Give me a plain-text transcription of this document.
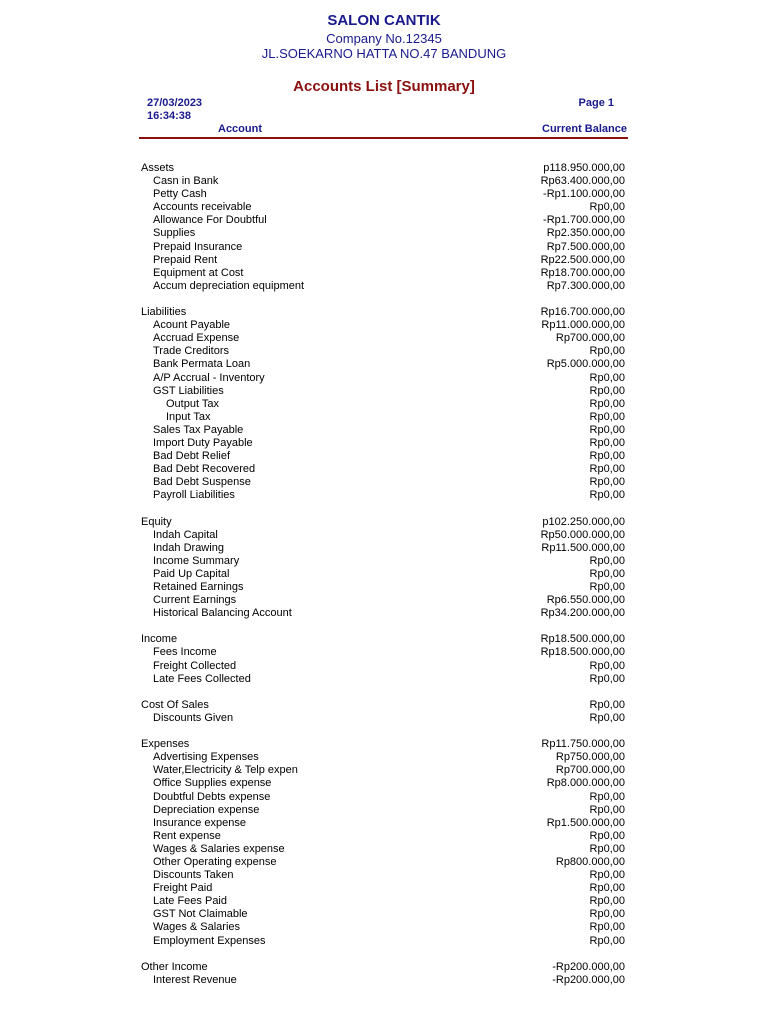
SALON CANTIK
Company No.12345
JL.SOEKARNO HATTA NO.47 BANDUNG
Accounts List [Summary]
27/03/2023
16:34:38
Page 1
Account	Current Balance
Assets	p118.950.000,00
Casn in Bank	Rp63.400.000,00
Petty Cash	-Rp1.100.000,00
Accounts receivable	Rp0,00
Allowance For Doubtful	-Rp1.700.000,00
Supplies	Rp2.350.000,00
Prepaid Insurance	Rp7.500.000,00
Prepaid Rent	Rp22.500.000,00
Equipment at Cost	Rp18.700.000,00
Accum depreciation equipment	Rp7.300.000,00
Liabilities	Rp16.700.000,00
Acount Payable	Rp11.000.000,00
Accruad Expense	Rp700.000,00
Trade Creditors	Rp0,00
Bank Permata Loan	Rp5.000.000,00
A/P Accrual - Inventory	Rp0,00
GST Liabilities	Rp0,00
Output Tax	Rp0,00
Input Tax	Rp0,00
Sales Tax Payable	Rp0,00
Import Duty Payable	Rp0,00
Bad Debt Relief	Rp0,00
Bad Debt Recovered	Rp0,00
Bad Debt Suspense	Rp0,00
Payroll Liabilities	Rp0,00
Equity	p102.250.000,00
Indah Capital	Rp50.000.000,00
Indah Drawing	Rp11.500.000,00
Income Summary	Rp0,00
Paid Up Capital	Rp0,00
Retained Earnings	Rp0,00
Current Earnings	Rp6.550.000,00
Historical Balancing Account	Rp34.200.000,00
Income	Rp18.500.000,00
Fees Income	Rp18.500.000,00
Freight Collected	Rp0,00
Late Fees Collected	Rp0,00
Cost Of Sales	Rp0,00
Discounts Given	Rp0,00
Expenses	Rp11.750.000,00
Advertising Expenses	Rp750.000,00
Water,Electricity & Telp expen	Rp700.000,00
Office Supplies expense	Rp8.000.000,00
Doubtful Debts expense	Rp0,00
Depreciation expense	Rp0,00
Insurance expense	Rp1.500.000,00
Rent expense	Rp0,00
Wages & Salaries expense	Rp0,00
Other Operating expense	Rp800.000,00
Discounts Taken	Rp0,00
Freight Paid	Rp0,00
Late Fees Paid	Rp0,00
GST Not Claimable	Rp0,00
Wages & Salaries	Rp0,00
Employment Expenses	Rp0,00
Other Income	-Rp200.000,00
Interest Revenue	-Rp200.000,00
